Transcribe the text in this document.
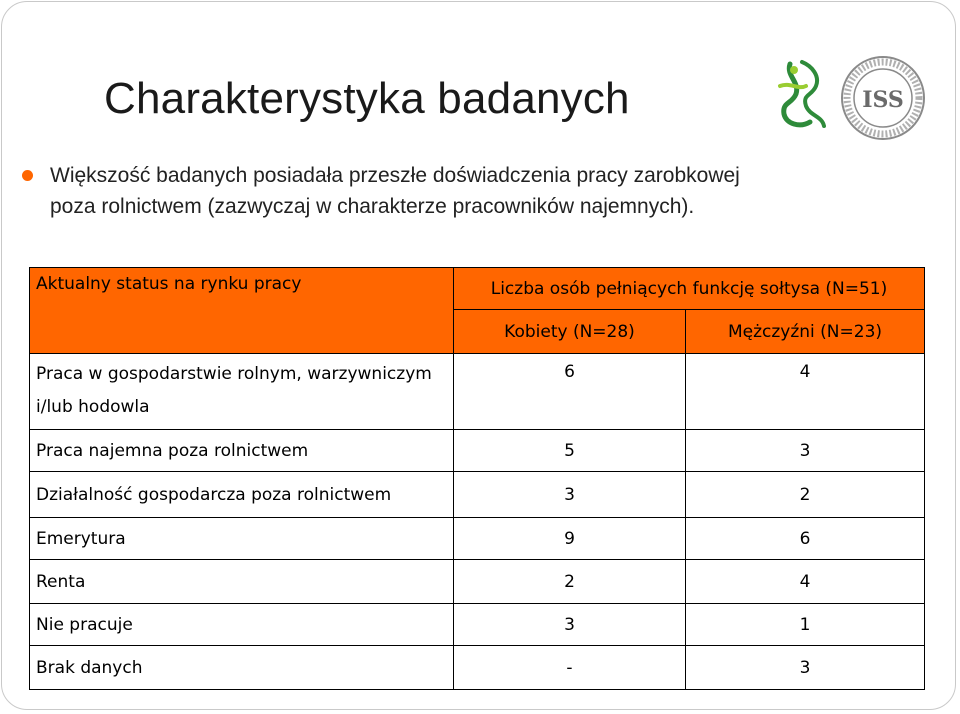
Charakterystyka badanych	ISS
Większość badanych posiadała przeszłe doświadczenia pracy zarobkowej poza rolnictwem (zazwyczaj w charakterze pracowników najemnych).
Aktualny status na rynku pracy	Liczba osób pełniących funkcję sołtysa (N=51)	
	Kobiety (N=28)	Mężczyźni (N=23)
Praca w gospodarstwie rolnym, warzywniczym i/lub hodowla	6	4
Praca najemna poza rolnictwem	5	3
Działalność gospodarcza poza rolnictwem	3	2
Emerytura	9	6
Renta	2	4
Nie pracuje	3	1
Brak danych	-	3
